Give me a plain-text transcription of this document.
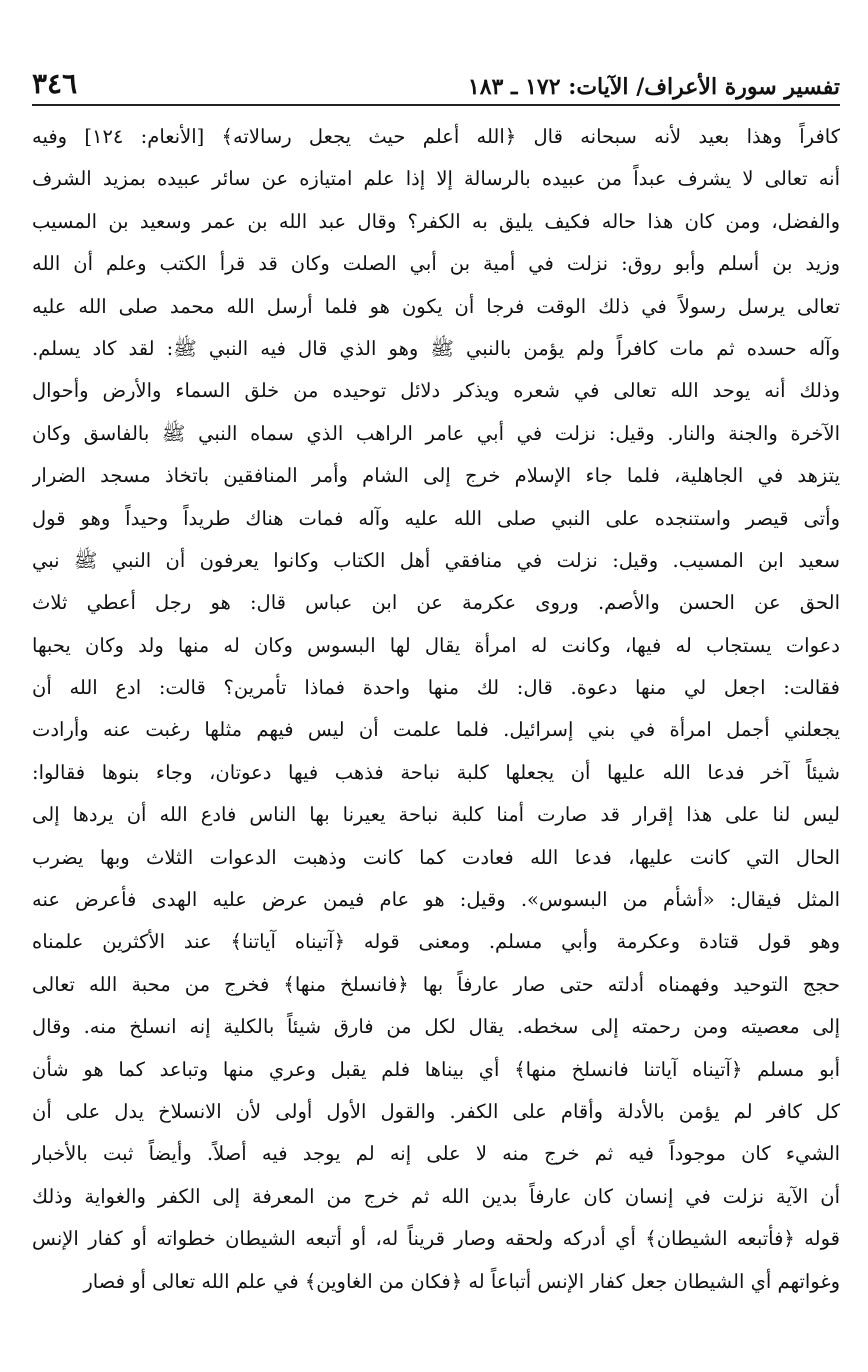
تفسير سورة الأعراف/ الآيات: ١٧٢ ـ ١٨٣
٣٤٦
كافراً وهذا بعيد لأنه سبحانه قال ﴿الله أعلم حيث يجعل رسالاته﴾ [الأنعام: ١٢٤] وفيه
أنه تعالى لا يشرف عبداً من عبيده بالرسالة إلا إذا علم امتيازه عن سائر عبيده بمزيد الشرف
والفضل، ومن كان هذا حاله فكيف يليق به الكفر؟ وقال عبد الله بن عمر وسعيد بن المسيب
وزيد بن أسلم وأبو روق: نزلت في أمية بن أبي الصلت وكان قد قرأ الكتب وعلم أن الله
تعالى يرسل رسولاً في ذلك الوقت فرجا أن يكون هو فلما أرسل الله محمد صلى الله عليه
وآله حسده ثم مات كافراً ولم يؤمن بالنبي ﷺ وهو الذي قال فيه النبي ﷺ: لقد كاد يسلم.
وذلك أنه يوحد الله تعالى في شعره ويذكر دلائل توحيده من خلق السماء والأرض وأحوال
الآخرة والجنة والنار. وقيل: نزلت في أبي عامر الراهب الذي سماه النبي ﷺ بالفاسق وكان
يتزهد في الجاهلية، فلما جاء الإسلام خرج إلى الشام وأمر المنافقين باتخاذ مسجد الضرار
وأتى قيصر واستنجده على النبي صلى الله عليه وآله فمات هناك طريداً وحيداً وهو قول
سعيد ابن المسيب. وقيل: نزلت في منافقي أهل الكتاب وكانوا يعرفون أن النبي ﷺ نبي
الحق عن الحسن والأصم. وروى عكرمة عن ابن عباس قال: هو رجل أعطي ثلاث
دعوات يستجاب له فيها، وكانت له امرأة يقال لها البسوس وكان له منها ولد وكان يحبها
فقالت: اجعل لي منها دعوة. قال: لك منها واحدة فماذا تأمرين؟ قالت: ادع الله أن
يجعلني أجمل امرأة في بني إسرائيل. فلما علمت أن ليس فيهم مثلها رغبت عنه وأرادت
شيئاً آخر فدعا الله عليها أن يجعلها كلبة نباحة فذهب فيها دعوتان، وجاء بنوها فقالوا:
ليس لنا على هذا إقرار قد صارت أمنا كلبة نباحة يعيرنا بها الناس فادع الله أن يردها إلى
الحال التي كانت عليها، فدعا الله فعادت كما كانت وذهبت الدعوات الثلاث وبها يضرب
المثل فيقال: «أشأم من البسوس». وقيل: هو عام فيمن عرض عليه الهدى فأعرض عنه
وهو قول قتادة وعكرمة وأبي مسلم. ومعنى قوله ﴿آتيناه آياتنا﴾ عند الأكثرين علمناه
حجج التوحيد وفهمناه أدلته حتى صار عارفاً بها ﴿فانسلخ منها﴾ فخرج من محبة الله تعالى
إلى معصيته ومن رحمته إلى سخطه. يقال لكل من فارق شيئاً بالكلية إنه انسلخ منه. وقال
أبو مسلم ﴿آتيناه آياتنا فانسلخ منها﴾ أي بيناها فلم يقبل وعري منها وتباعد كما هو شأن
كل كافر لم يؤمن بالأدلة وأقام على الكفر. والقول الأول أولى لأن الانسلاخ يدل على أن
الشيء كان موجوداً فيه ثم خرج منه لا على إنه لم يوجد فيه أصلاً. وأيضاً ثبت بالأخبار
أن الآية نزلت في إنسان كان عارفاً بدين الله ثم خرج من المعرفة إلى الكفر والغواية وذلك
قوله ﴿فأتبعه الشيطان﴾ أي أدركه ولحقه وصار قريناً له، أو أتبعه الشيطان خطواته أو كفار الإنس
وغواتهم أي الشيطان جعل كفار الإنس أتباعاً له ﴿فكان من الغاوين﴾ في علم الله تعالى أو فصار
